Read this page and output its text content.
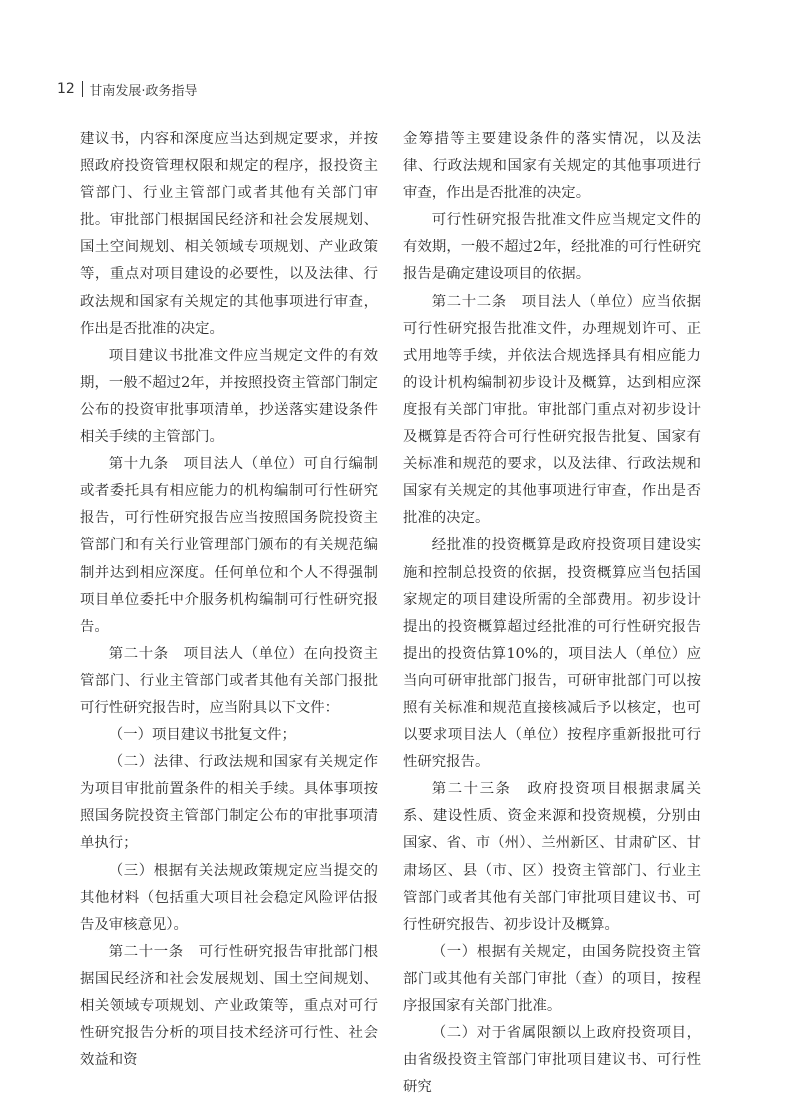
12 甘南发展·政务指导

建议书，内容和深度应当达到规定要求，并按照政府投资管理权限和规定的程序，报投资主管部门、行业主管部门或者其他有关部门审批。审批部门根据国民经济和社会发展规划、国土空间规划、相关领域专项规划、产业政策等，重点对项目建设的必要性，以及法律、行政法规和国家有关规定的其他事项进行审查，作出是否批准的决定。

项目建议书批准文件应当规定文件的有效期，一般不超过2年，并按照投资主管部门制定公布的投资审批事项清单，抄送落实建设条件相关手续的主管部门。

第十九条　项目法人（单位）可自行编制或者委托具有相应能力的机构编制可行性研究报告，可行性研究报告应当按照国务院投资主管部门和有关行业管理部门颁布的有关规范编制并达到相应深度。任何单位和个人不得强制项目单位委托中介服务机构编制可行性研究报告。

第二十条　项目法人（单位）在向投资主管部门、行业主管部门或者其他有关部门报批可行性研究报告时，应当附具以下文件：

（一）项目建议书批复文件；

（二）法律、行政法规和国家有关规定作为项目审批前置条件的相关手续。具体事项按照国务院投资主管部门制定公布的审批事项清单执行；

（三）根据有关法规政策规定应当提交的其他材料（包括重大项目社会稳定风险评估报告及审核意见）。

第二十一条　可行性研究报告审批部门根据国民经济和社会发展规划、国土空间规划、相关领域专项规划、产业政策等，重点对可行性研究报告分析的项目技术经济可行性、社会效益和资

金筹措等主要建设条件的落实情况，以及法律、行政法规和国家有关规定的其他事项进行审查，作出是否批准的决定。

可行性研究报告批准文件应当规定文件的有效期，一般不超过2年，经批准的可行性研究报告是确定建设项目的依据。

第二十二条　项目法人（单位）应当依据可行性研究报告批准文件，办理规划许可、正式用地等手续，并依法合规选择具有相应能力的设计机构编制初步设计及概算，达到相应深度报有关部门审批。审批部门重点对初步设计及概算是否符合可行性研究报告批复、国家有关标准和规范的要求，以及法律、行政法规和国家有关规定的其他事项进行审查，作出是否批准的决定。

经批准的投资概算是政府投资项目建设实施和控制总投资的依据，投资概算应当包括国家规定的项目建设所需的全部费用。初步设计提出的投资概算超过经批准的可行性研究报告提出的投资估算10%的，项目法人（单位）应当向可研审批部门报告，可研审批部门可以按照有关标准和规范直接核减后予以核定，也可以要求项目法人（单位）按程序重新报批可行性研究报告。

第二十三条　政府投资项目根据隶属关系、建设性质、资金来源和投资规模，分别由国家、省、市（州）、兰州新区、甘肃矿区、甘肃场区、县（市、区）投资主管部门、行业主管部门或者其他有关部门审批项目建议书、可行性研究报告、初步设计及概算。

（一）根据有关规定，由国务院投资主管部门或其他有关部门审批（查）的项目，按程序报国家有关部门批准。

（二）对于省属限额以上政府投资项目，由省级投资主管部门审批项目建议书、可行性研究
